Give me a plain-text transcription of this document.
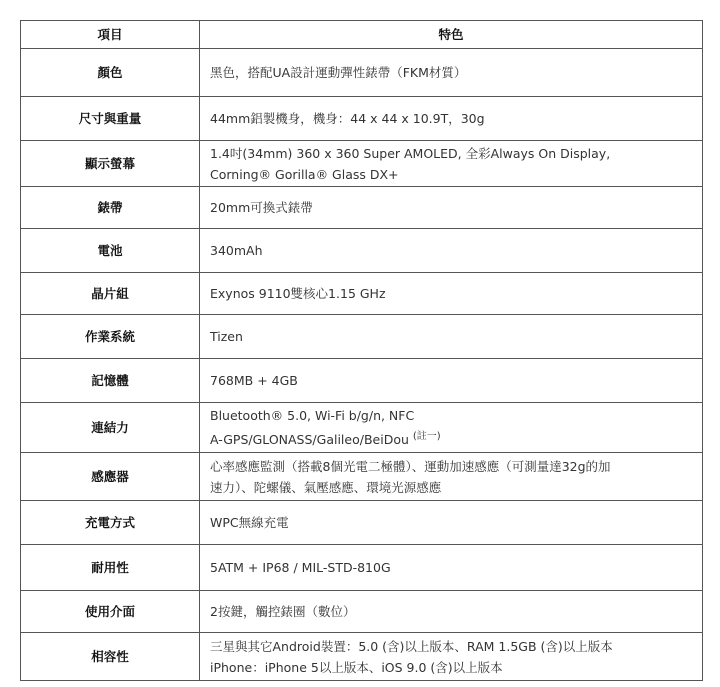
項目	特色
顏色	黑色，搭配UA設計運動彈性錶帶（FKM材質）

尺寸與重量	44mm鋁製機身，機身：44 x 44 x 10.9T，30g

顯示螢幕	1.4吋(34mm) 360 x 360 Super AMOLED, 全彩Always On Display,
Corning® Gorilla® Glass DX+

錶帶	20mm可換式錶帶

電池	340mAh

晶片組	Exynos 9110雙核心1.15 GHz

作業系統	Tizen

記憶體	768MB + 4GB

連結力	Bluetooth® 5.0, Wi-Fi b/g/n, NFC
A-GPS/GLONASS/Galileo/BeiDou $^{(註一)}$

感應器	心率感應監測（搭載8個光電二極體）、運動加速感應（可測量達32g的加
速力）、陀螺儀、氣壓感應、環境光源感應

充電方式	WPC無線充電

耐用性	5ATM + IP68 / MIL-STD-810G

使用介面	2按鍵，觸控錶圈（數位）

相容性	三星與其它Android裝置：5.0 (含)以上版本、RAM 1.5GB (含)以上版本
iPhone：iPhone 5以上版本、iOS 9.0 (含)以上版本
